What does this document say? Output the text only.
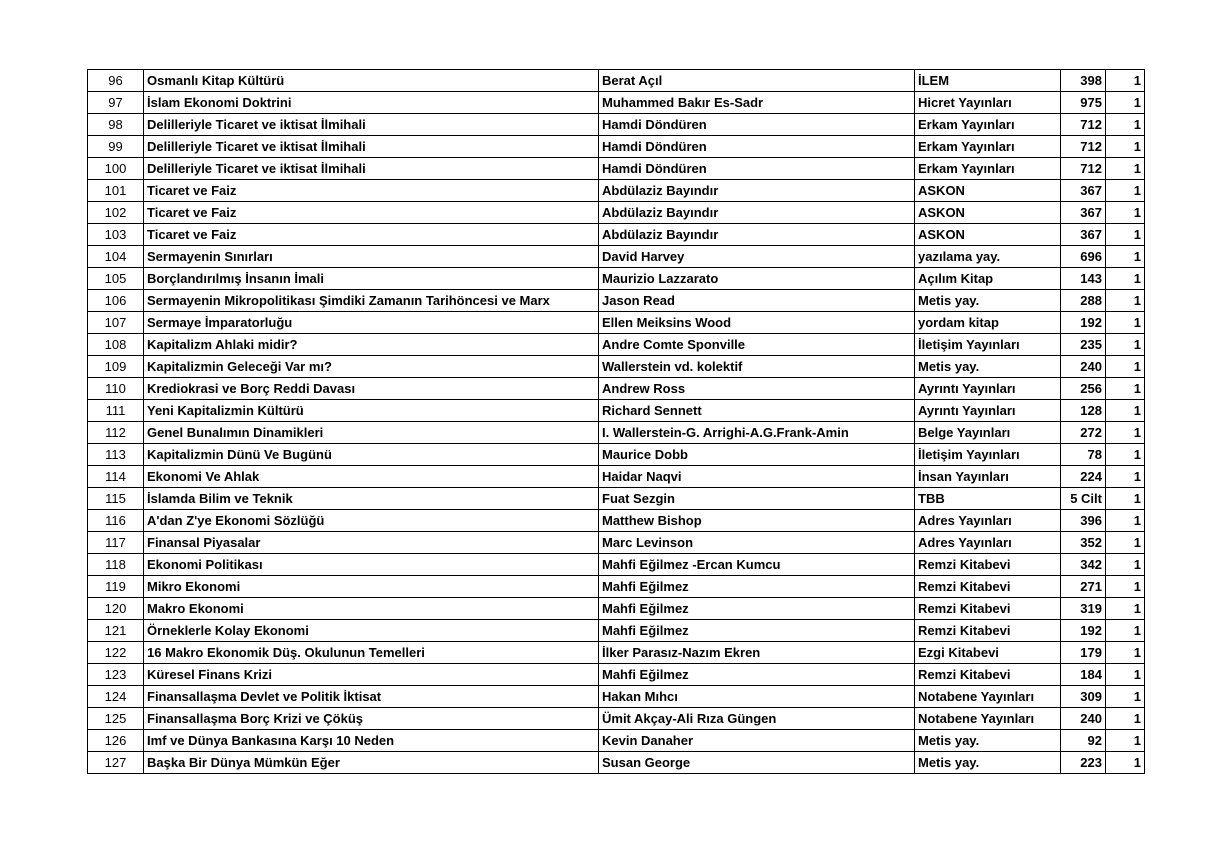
96	Osmanlı Kitap Kültürü	Berat Açıl	İLEM	398	1
97	İslam Ekonomi Doktrini	Muhammed Bakır Es-Sadr	Hicret Yayınları	975	1
98	Delilleriyle Ticaret ve iktisat İlmihali	Hamdi Döndüren	Erkam Yayınları	712	1
99	Delilleriyle Ticaret ve iktisat İlmihali	Hamdi Döndüren	Erkam Yayınları	712	1
100	Delilleriyle Ticaret ve iktisat İlmihali	Hamdi Döndüren	Erkam Yayınları	712	1
101	Ticaret ve Faiz	Abdülaziz Bayındır	ASKON	367	1
102	Ticaret ve Faiz	Abdülaziz Bayındır	ASKON	367	1
103	Ticaret ve Faiz	Abdülaziz Bayındır	ASKON	367	1
104	Sermayenin Sınırları	David Harvey	yazılama yay.	696	1
105	Borçlandırılmış İnsanın İmali	Maurizio Lazzarato	Açılım Kitap	143	1
106	Sermayenin Mikropolitikası Şimdiki Zamanın Tarihöncesi ve Marx	Jason Read	Metis yay.	288	1
107	Sermaye İmparatorluğu	Ellen Meiksins Wood	yordam kitap	192	1
108	Kapitalizm Ahlaki midir?	Andre Comte Sponville	İletişim Yayınları	235	1
109	Kapitalizmin Geleceği Var mı?	Wallerstein vd. kolektif	Metis yay.	240	1
110	Krediokrasi ve Borç Reddi Davası	Andrew Ross	Ayrıntı Yayınları	256	1
111	Yeni Kapitalizmin Kültürü	Richard Sennett	Ayrıntı Yayınları	128	1
112	Genel Bunalımın Dinamikleri	I. Wallerstein-G. Arrighi-A.G.Frank-Amin	Belge Yayınları	272	1
113	Kapitalizmin Dünü Ve Bugünü	Maurice Dobb	İletişim Yayınları	78	1
114	Ekonomi Ve Ahlak	Haidar Naqvi	İnsan Yayınları	224	1
115	İslamda Bilim ve Teknik	Fuat Sezgin	TBB	5 Cilt	1
116	A'dan Z'ye Ekonomi Sözlüğü	Matthew Bishop	Adres Yayınları	396	1
117	Finansal Piyasalar	Marc Levinson	Adres Yayınları	352	1
118	Ekonomi Politikası	Mahfi Eğilmez -Ercan Kumcu	Remzi Kitabevi	342	1
119	Mikro Ekonomi	Mahfi Eğilmez	Remzi Kitabevi	271	1
120	Makro Ekonomi	Mahfi Eğilmez	Remzi Kitabevi	319	1
121	Örneklerle Kolay Ekonomi	Mahfi Eğilmez	Remzi Kitabevi	192	1
122	16 Makro Ekonomik Düş. Okulunun Temelleri	İlker Parasız-Nazım Ekren	Ezgi Kitabevi	179	1
123	Küresel Finans Krizi	Mahfi Eğilmez	Remzi Kitabevi	184	1
124	Finansallaşma Devlet ve Politik İktisat	Hakan Mıhcı	Notabene Yayınları	309	1
125	Finansallaşma Borç Krizi ve Çöküş	Ümit Akçay-Ali Rıza Güngen	Notabene Yayınları	240	1
126	Imf ve Dünya Bankasına Karşı 10 Neden	Kevin Danaher	Metis yay.	92	1
127	Başka Bir Dünya Mümkün Eğer	Susan George	Metis yay.	223	1
